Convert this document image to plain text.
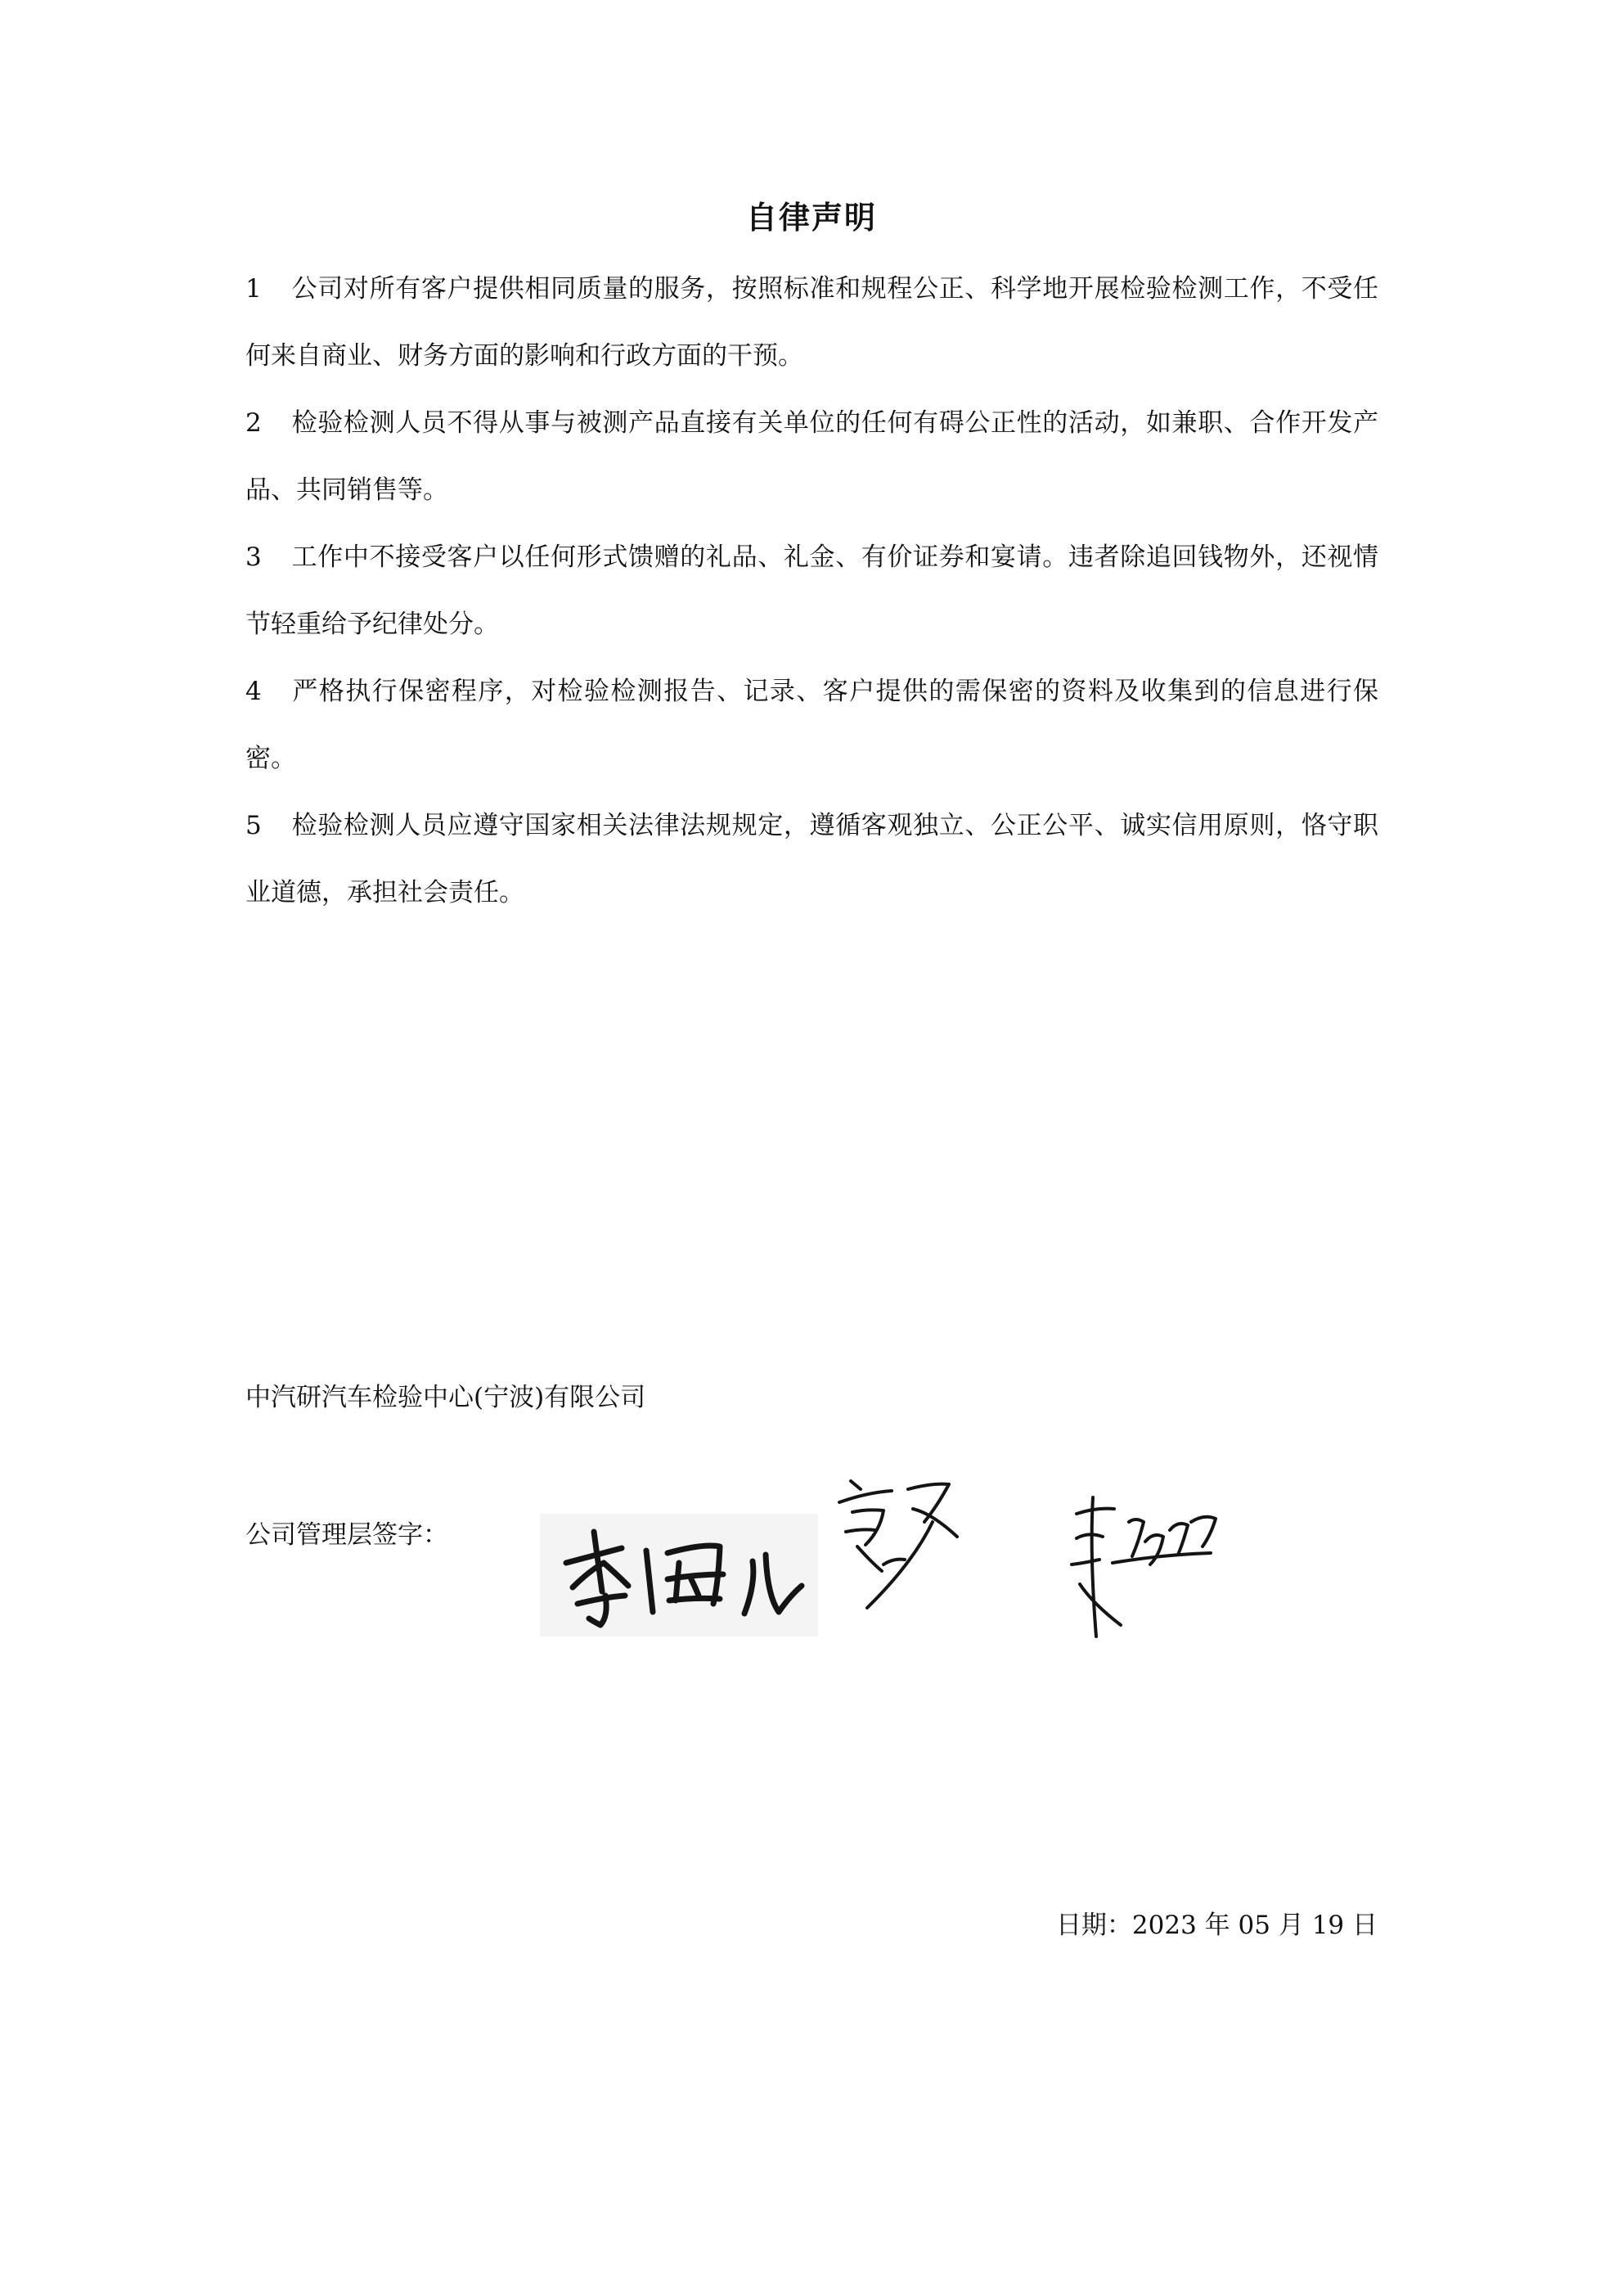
自律声明

1 公司对所有客户提供相同质量的服务，按照标准和规程公正、科学地开展检验检测工作，不受任何来自商业、财务方面的影响和行政方面的干预。

2 检验检测人员不得从事与被测产品直接有关单位的任何有碍公正性的活动，如兼职、合作开发产品、共同销售等。

3 工作中不接受客户以任何形式馈赠的礼品、礼金、有价证券和宴请。违者除追回钱物外，还视情节轻重给予纪律处分。

4 严格执行保密程序，对检验检测报告、记录、客户提供的需保密的资料及收集到的信息进行保密。

5 检验检测人员应遵守国家相关法律法规规定，遵循客观独立、公正公平、诚实信用原则，恪守职业道德，承担社会责任。

中汽研汽车检验中心(宁波)有限公司
公司管理层签字：
日期：2023 年 05 月 19 日
